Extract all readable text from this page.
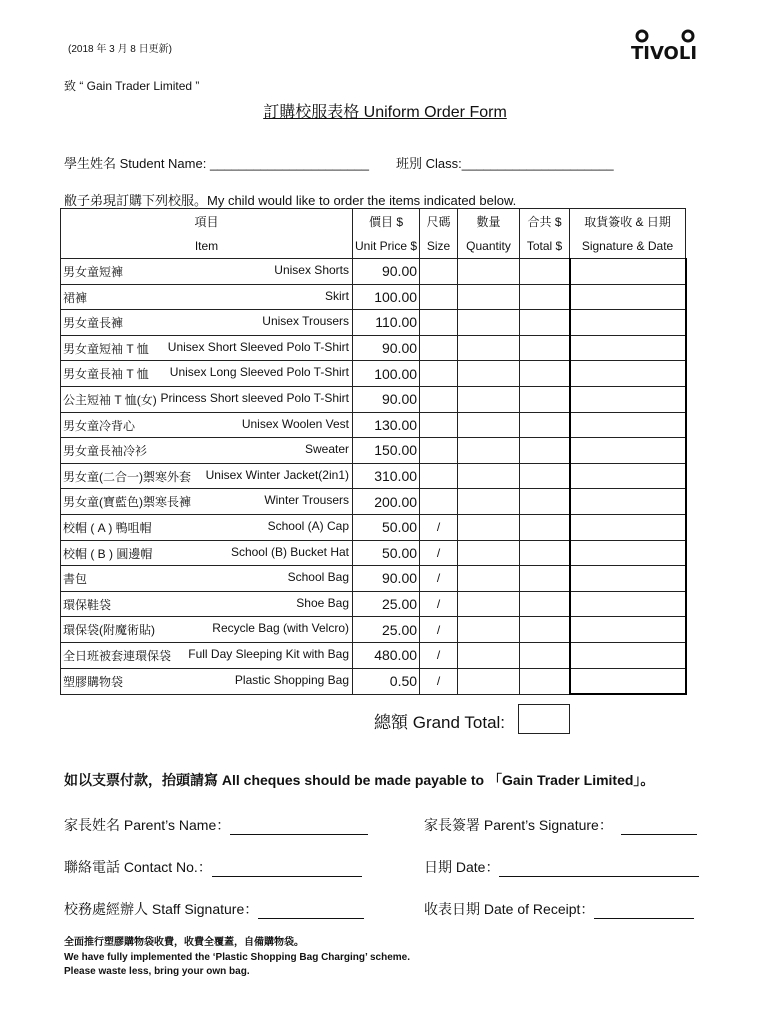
(2018 年 3 月 8 日更新)	TIVOLI
致 “ Gain Trader Limited ”
訂購校服表格 Uniform Order Form
學生姓名 Student Name: ______________________ 班別 Class:_____________________
敝子弟現訂購下列校服。My child would like to order the items indicated below.
項目	價目 $	尺碼	數量	合共 $	取貨簽收 & 日期
Item	Unit Price $	Size	Quantity	Total $	Signature & Date

男女童短褲 Unisex Shorts	90.00				

裙褲 Skirt	100.00				

男女童長褲 Unisex Trousers	110.00				

男女童短袖 T 恤 Unisex Short Sleeved Polo T-Shirt	90.00				

男女童長袖 T 恤 Unisex Long Sleeved Polo T-Shirt	100.00				

公主短袖 T 恤(女) Princess Short sleeved Polo T-Shirt	90.00				

男女童冷背心 Unisex Woolen Vest	130.00				

男女童長袖冷衫 Sweater	150.00				

男女童(二合一)禦寒外套 Unisex Winter Jacket(2in1)	310.00				

男女童(寶藍色)禦寒長褲 Winter Trousers	200.00				

校帽 ( A ) 鴨咀帽 School (A) Cap	50.00	/			

校帽 ( B ) 圓邊帽 School (B) Bucket Hat	50.00	/			

書包 School Bag	90.00	/			

環保鞋袋 Shoe Bag	25.00	/			

環保袋(附魔術貼) Recycle Bag (with Velcro)	25.00	/			

全日班被套連環保袋 Full Day Sleeping Kit with Bag	480.00	/			

塑膠購物袋 Plastic Shopping Bag	0.50	/			
總額 Grand Total:
如以支票付款，抬頭請寫 All cheques should be made payable to 「Gain Trader Limited」。
家長姓名 Parent’s Name：	家長簽署 Parent’s Signature：
聯絡電話 Contact No.：	日期 Date：
校務處經辦人 Staff Signature：	收表日期 Date of Receipt：
全面推行塑膠購物袋收費，收費全覆蓋，自備購物袋。
We have fully implemented the ‘Plastic Shopping Bag Charging’ scheme.
Please waste less, bring your own bag.
